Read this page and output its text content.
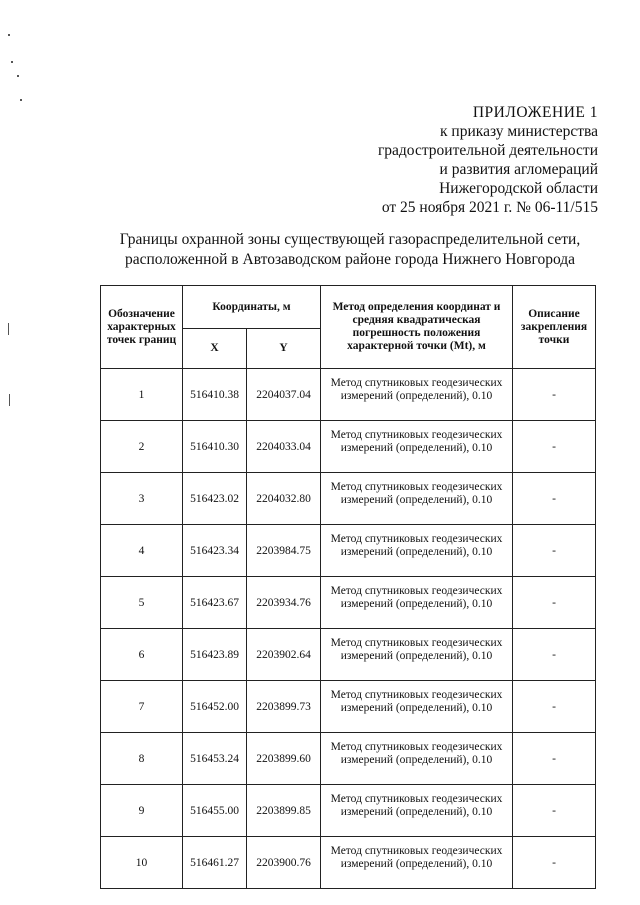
ПРИЛОЖЕНИЕ 1
к приказу министерства
градостроительной деятельности
и развития агломераций
Нижегородской области
от 25 ноября 2021 г. № 06-11/515
Границы охранной зоны существующей газораспределительной сети,
расположенной в Автозаводском районе города Нижнего Новгорода
Обозначение характерных точек границ	Координаты, м		Метод определения координат и средняя квадратическая погрешность положения характерной точки (Mt), м	Описание закрепления точки
	X	Y		
1	516410.38	2204037.04	Метод спутниковых геодезических измерений (определений), 0.10	-
2	516410.30	2204033.04	Метод спутниковых геодезических измерений (определений), 0.10	-
3	516423.02	2204032.80	Метод спутниковых геодезических измерений (определений), 0.10	-
4	516423.34	2203984.75	Метод спутниковых геодезических измерений (определений), 0.10	-
5	516423.67	2203934.76	Метод спутниковых геодезических измерений (определений), 0.10	-
6	516423.89	2203902.64	Метод спутниковых геодезических измерений (определений), 0.10	-
7	516452.00	2203899.73	Метод спутниковых геодезических измерений (определений), 0.10	-
8	516453.24	2203899.60	Метод спутниковых геодезических измерений (определений), 0.10	-
9	516455.00	2203899.85	Метод спутниковых геодезических измерений (определений), 0.10	-
10	516461.27	2203900.76	Метод спутниковых геодезических измерений (определений), 0.10	-
